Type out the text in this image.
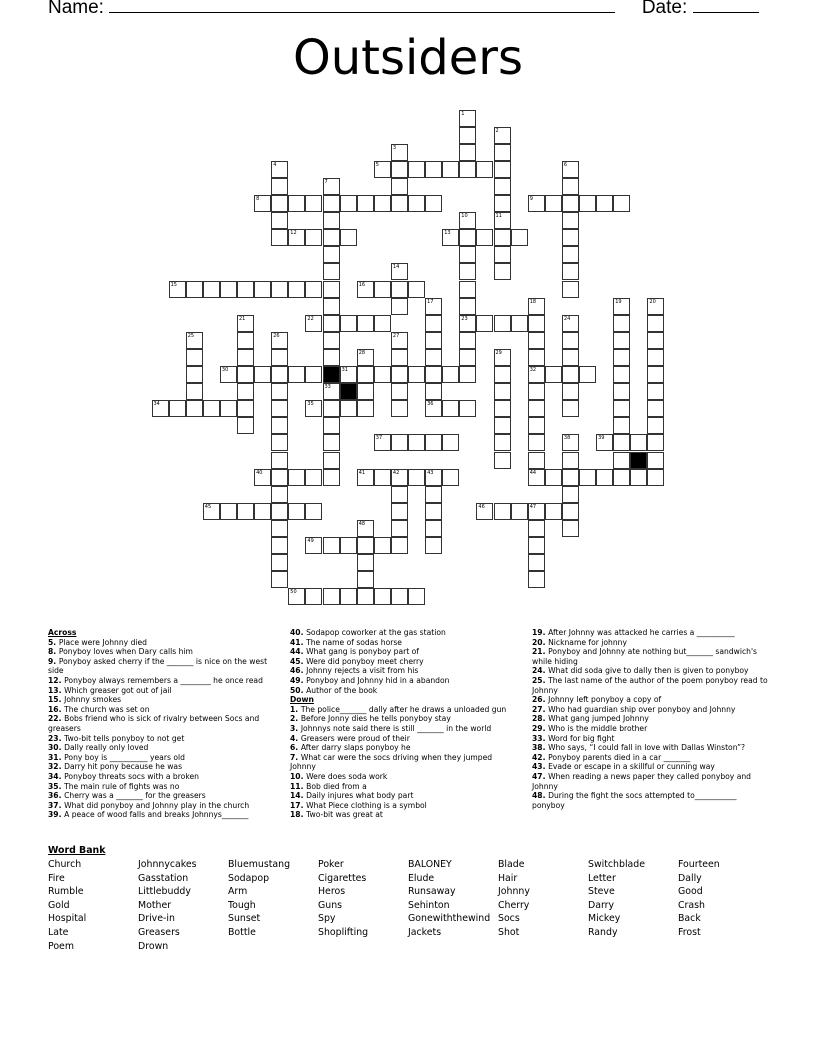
Name:	Date:
Outsiders
5
8	9
12	13
15	16
22	23
30	31	32
34	35	36
37	39
40	41	42	43	44
45	46	47
49
50
1
2
3
4	6
7
10	11
14
17	18	19	20
21	24
25	26	27
28	29
33
38
48
Across
5. Place were Johnny died
8. Ponyboy loves when Dary calls him
9. Ponyboy asked cherry if the _______ is nice on the west side
12. Ponyboy always remembers a ________ he once read
13. Which greaser got out of jail
15. Johnny smokes
16. The church was set on
22. Bobs friend who is sick of rivalry between Socs and greasers
23. Two-bit tells ponyboy to not get
30. Dally really only loved
31. Pony boy is __________ years old
32. Darry hit pony because he was
34. Ponyboy threats socs with a broken
35. The main rule of fights was no
36. Cherry was a _______ for the greasers
37. What did ponyboy and Johnny play in the church
39. A peace of wood falls and breaks Johnnys_______
40. Sodapop coworker at the gas station
41. The name of sodas horse
44. What gang is ponyboy part of
45. Were did ponyboy meet cherry
46. Johnny rejects a visit from his
49. Ponyboy and Johnny hid in a abandon
50. Author of the book
Down
1. The police_______ dally after he draws a unloaded gun
2. Before Jonny dies he tells ponyboy stay
3. Johnnys note said there is still _______ in the world
4. Greasers were proud of their
6. After darry slaps ponyboy he
7. What car were the socs driving when they jumped Johnny
10. Were does soda work
11. Bob died from a
14. Daily injures what body part
17. What Piece clothing is a symbol
18. Two-bit was great at
19. After Johnny was attacked he carries a __________
20. Nickname for johnny
21. Ponyboy and Johnny ate nothing but_______ sandwich's while hiding
24. What did soda give to dally then is given to ponyboy
25. The last name of the author of the poem ponyboy read to Johnny
26. Johnny left ponyboy a copy of
27. Who had guardian ship over ponyboy and Johnny
28. What gang jumped Johnny
29. Who is the middle brother
33. Word for big fight
38. Who says, “I could fall in love with Dallas Winston”?
42. Ponyboy parents died in a car _______
43. Evade or escape in a skillful or cunning way
47. When reading a news paper they called ponyboy and Johnny
48. During the fight the socs attempted to___________ ponyboy
Word Bank
Church	Johnnycakes	Bluemustang	Poker	BALONEY	Blade	Switchblade	Fourteen
Fire	Gasstation	Sodapop	Cigarettes	Elude	Hair	Letter	Dally
Rumble	Littlebuddy	Arm	Heros	Runsaway	Johnny	Steve	Good
Gold	Mother	Tough	Guns	Sehinton	Cherry	Darry	Crash
Hospital	Drive-in	Sunset	Spy	Gonewiththewind Socs	Mickey	Back
Late	Greasers	Bottle	Shoplifting	Jackets	Shot	Randy	Frost
Poem	Drown
